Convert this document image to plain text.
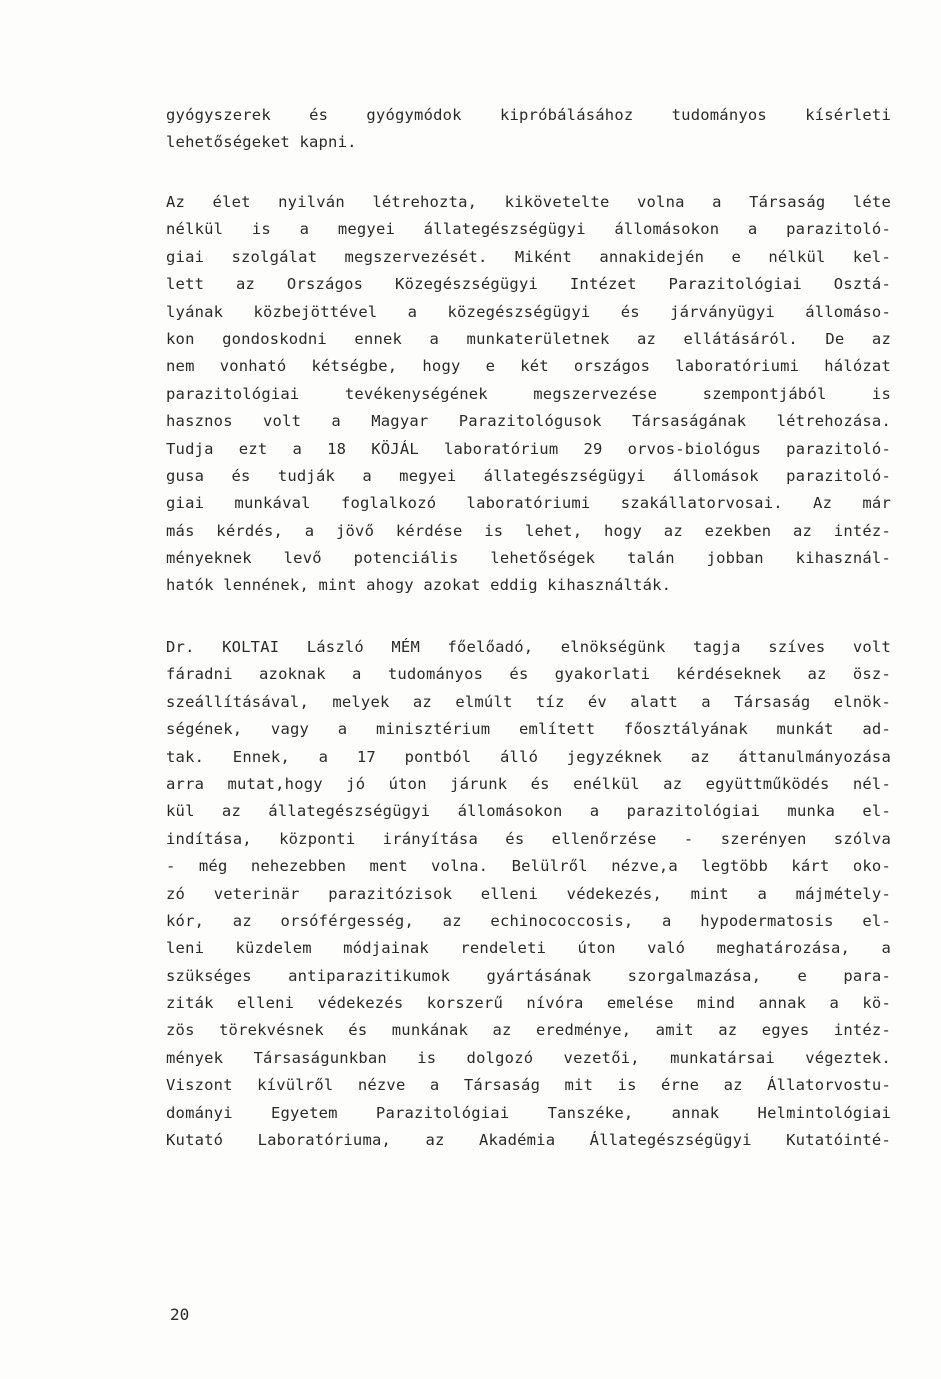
gyógyszerek és gyógymódok kipróbálásához tudományos kísérleti
lehetőségeket kapni.
Az élet nyilván létrehozta, kikövetelte volna a Társaság léte
nélkül is a megyei állategészségügyi állomásokon a parazitoló-
giai szolgálat megszervezését. Miként annakidején e nélkül kel-
lett az Országos Közegészségügyi Intézet Parazitológiai Osztá-
lyának közbejöttével a közegészségügyi és járványügyi állomáso-
kon gondoskodni ennek a munkaterületnek az ellátásáról. De az
nem vonható kétségbe, hogy e két országos laboratóriumi hálózat
parazitológiai tevékenységének megszervezése szempontjából is
hasznos volt a Magyar Parazitológusok Társaságának létrehozása.
Tudja ezt a 18 KÖJÁL laboratórium 29 orvos-biológus parazitoló-
gusa és tudják a megyei állategészségügyi állomások parazitoló-
giai munkával foglalkozó laboratóriumi szakállatorvosai. Az már
más kérdés, a jövő kérdése is lehet, hogy az ezekben az intéz-
ményeknek levő potenciális lehetőségek talán jobban kihasznál-
hatók lennének, mint ahogy azokat eddig kihasználták.
Dr. KOLTAI László MÉM főelőadó, elnökségünk tagja szíves volt
fáradni azoknak a tudományos és gyakorlati kérdéseknek az ösz-
szeállításával, melyek az elmúlt tíz év alatt a Társaság elnök-
ségének, vagy a minisztérium említett főosztályának munkát ad-
tak. Ennek, a 17 pontból álló jegyzéknek az áttanulmányozása
arra mutat,hogy jó úton járunk és enélkül az együttműködés nél-
kül az állategészségügyi állomásokon a parazitológiai munka el-
indítása, központi irányítása és ellenőrzése - szerényen szólva
- még nehezebben ment volna. Belülről nézve,a legtöbb kárt oko-
zó veterinär parazitózisok elleni védekezés, mint a májmétely-
kór, az orsóférgesség, az echinococcosis, a hypodermatosis el-
leni küzdelem módjainak rendeleti úton való meghatározása, a
szükséges antiparazitikumok gyártásának szorgalmazása, e para-
ziták elleni védekezés korszerű nívóra emelése mind annak a kö-
zös törekvésnek és munkának az eredménye, amit az egyes intéz-
mények Társaságunkban is dolgozó vezetői, munkatársai végeztek.
Viszont kívülről nézve a Társaság mit is érne az Állatorvostu-
dományi Egyetem Parazitológiai Tanszéke, annak Helmintológiai
Kutató Laboratóriuma, az Akadémia Állategészségügyi Kutatóinté-
20
